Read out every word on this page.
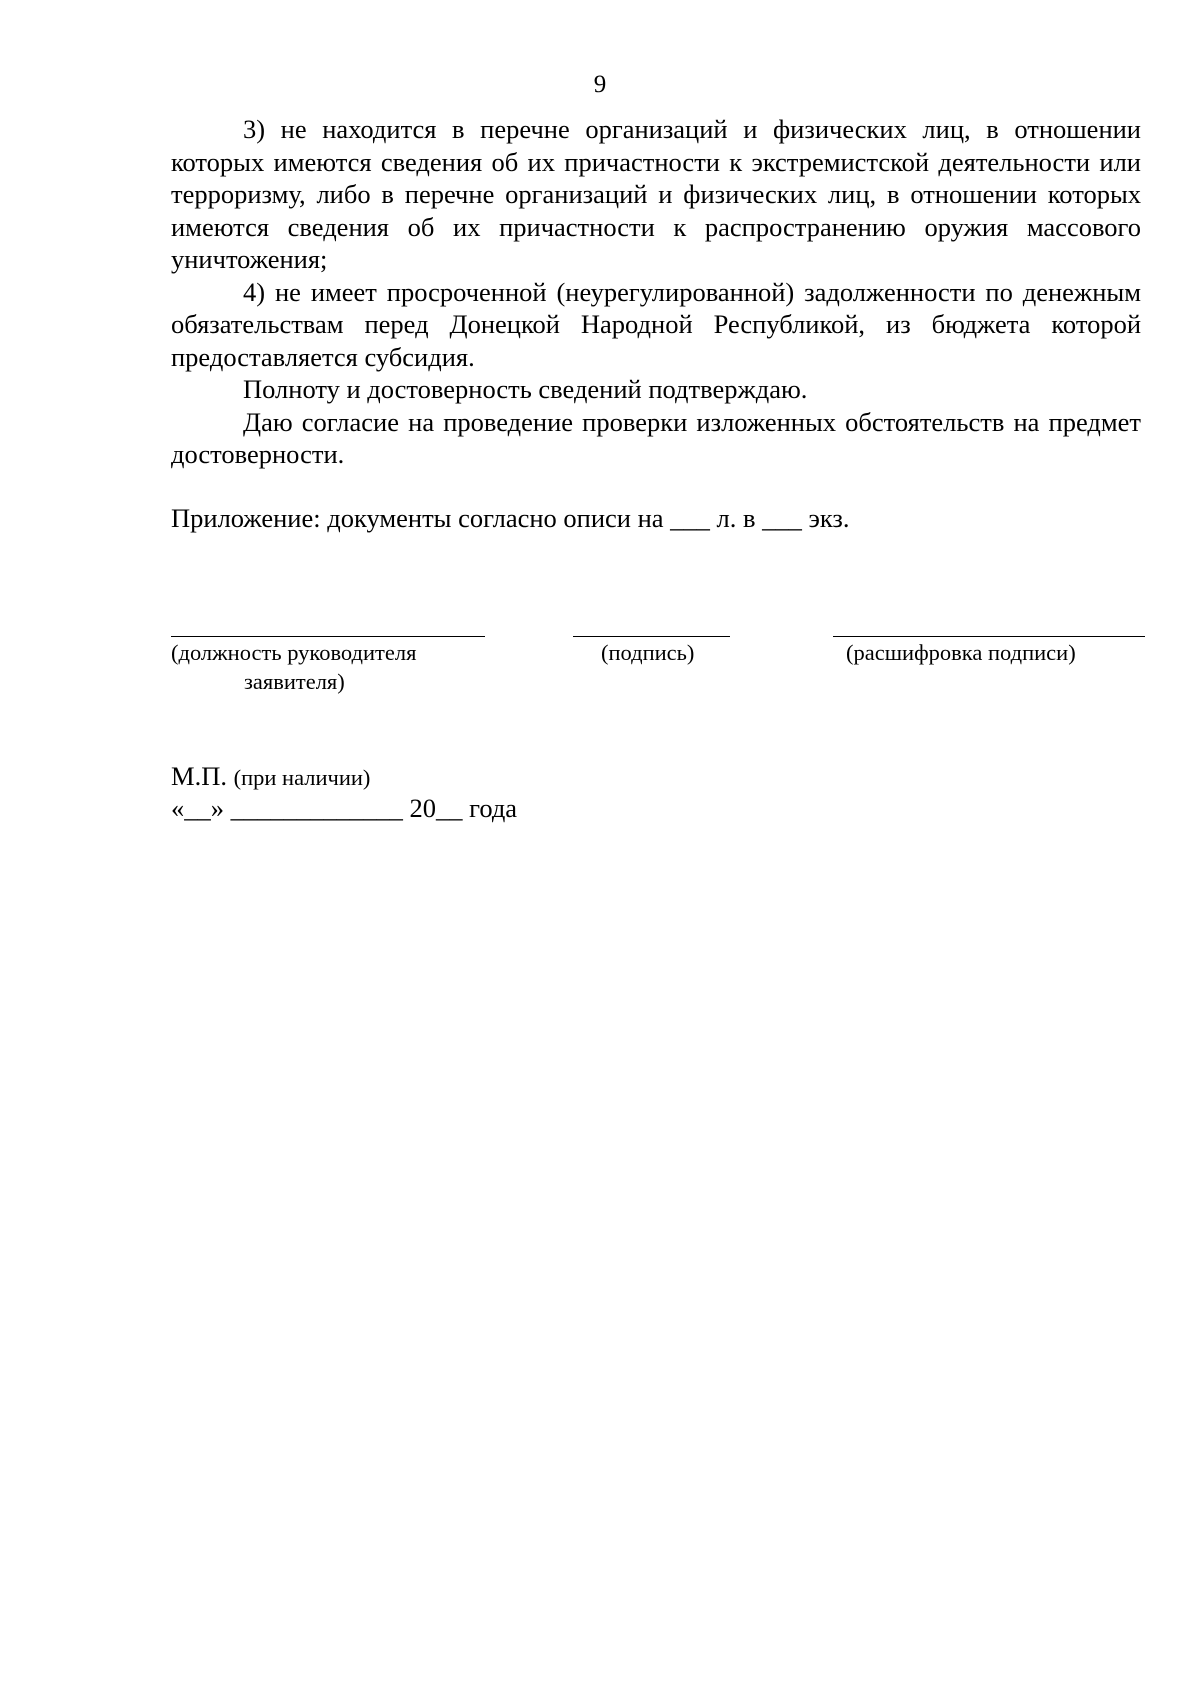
9

3) не находится в перечне организаций и физических лиц, в отношении которых имеются сведения об их причастности к экстремистской деятельности или терроризму, либо в перечне организаций и физических лиц, в отношении которых имеются сведения об их причастности к распространению оружия массового уничтожения;

4) не имеет просроченной (неурегулированной) задолженности по денежным обязательствам перед Донецкой Народной Республикой, из бюджета которой предоставляется субсидия.

Полноту и достоверность сведений подтверждаю.

Даю согласие на проведение проверки изложенных обстоятельств на предмет достоверности.

Приложение: документы согласно описи на ___ л. в ___ экз.
(должность руководителя
заявителя)
(подпись)	(расшифровка подписи)
М.П. (при наличии)
«__» _____________ 20__ года
